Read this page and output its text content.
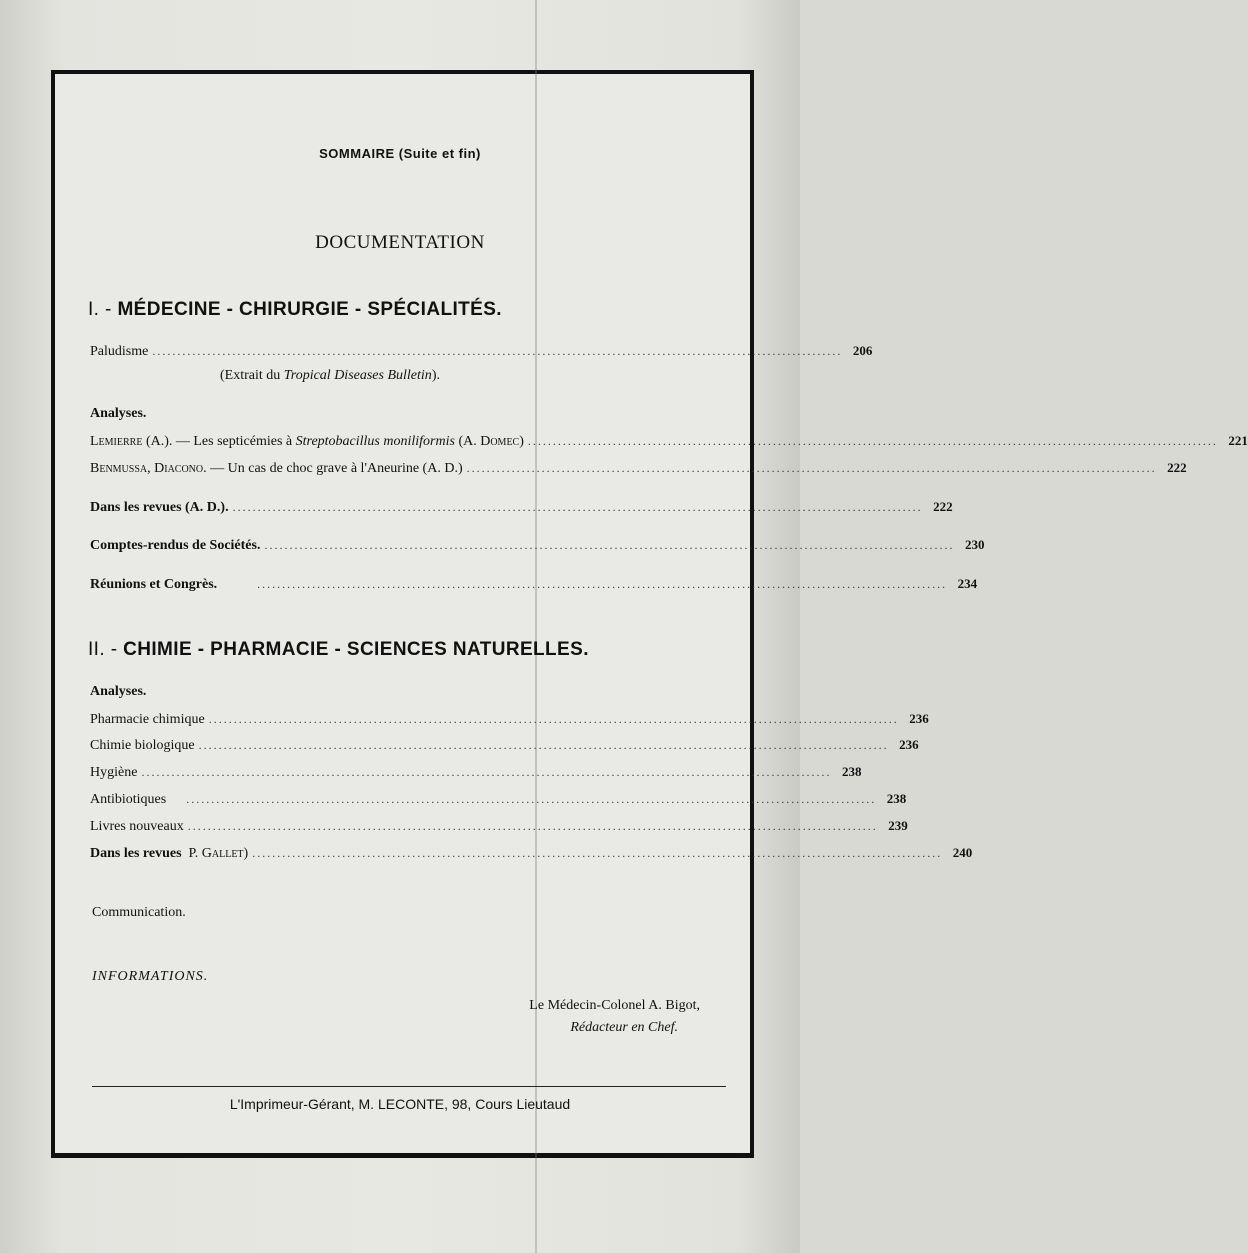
SOMMAIRE (Suite et fin)
DOCUMENTATION
I. - MÉDECINE - CHIRURGIE - SPÉCIALITÉS.
Paludisme .......................................................................................................................................... 206
(Extrait du Tropical Diseases Bulletin).
Analyses.
Lemierre (A.). — Les septicémies à Streptobacillus moniliformis (A. Domec) .......................................................................................................................................... 221
Benmussa, Diacono. — Un cas de choc grave à l'Aneurine (A. D.) .......................................................................................................................................... 222
Dans les revues (A. D.). .......................................................................................................................................... 222
Comptes-rendus de Sociétés. .......................................................................................................................................... 230
Réunions et Congrès.	.......................................................................................................................................... 234
II. - CHIMIE - PHARMACIE - SCIENCES NATURELLES.
Analyses.
Pharmacie chimique .......................................................................................................................................... 236
Chimie biologique .......................................................................................................................................... 236
Hygiène .......................................................................................................................................... 238
Antibiotiques .......................................................................................................................................... 238
Livres nouveaux .......................................................................................................................................... 239
Dans les revues P. Gallet) .......................................................................................................................................... 240
Communication.
INFORMATIONS.
Le Médecin-Colonel A. Bigot,
Rédacteur en Chef.
L'Imprimeur-Gérant, M. LECONTE, 98, Cours Lieutaud
